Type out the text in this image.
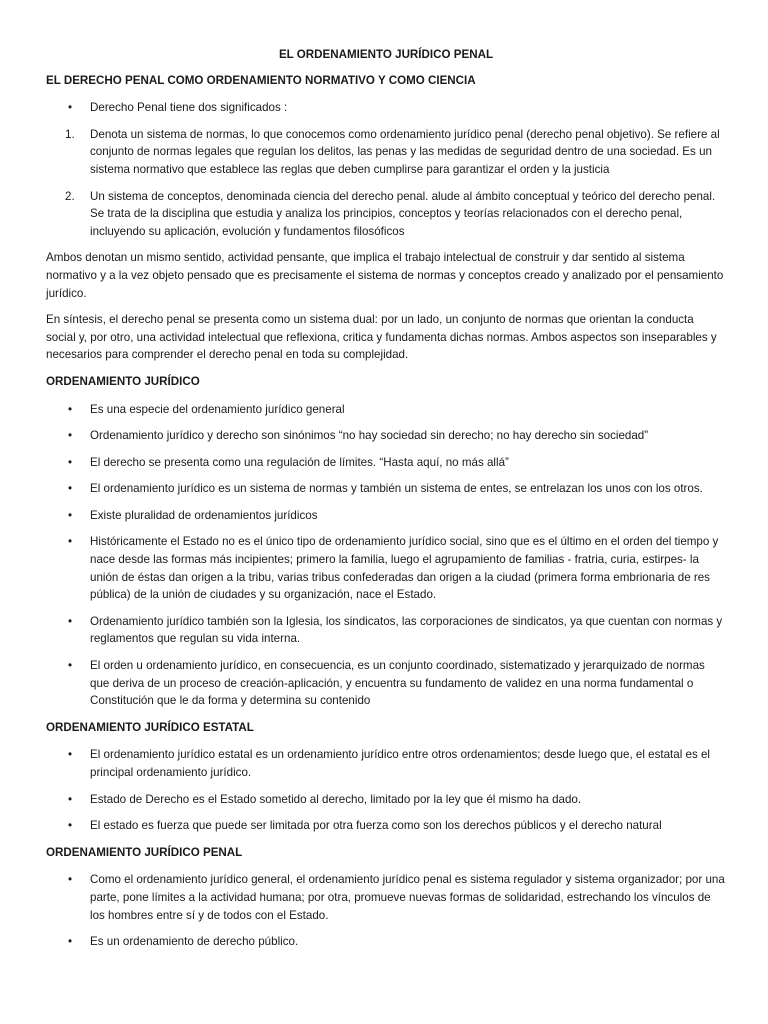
EL ORDENAMIENTO JURÍDICO PENAL
EL DERECHO PENAL COMO ORDENAMIENTO NORMATIVO Y COMO CIENCIA
•	Derecho Penal tiene dos significados :
1.	Denota un sistema de normas, lo que conocemos como ordenamiento jurídico penal (derecho penal objetivo). Se refiere al conjunto de normas legales que regulan los delitos, las penas y las medidas de seguridad dentro de una sociedad. Es un sistema normativo que establece las reglas que deben cumplirse para garantizar el orden y la justicia
2.	Un sistema de conceptos, denominada ciencia del derecho penal. alude al ámbito conceptual y teórico del derecho penal. Se trata de la disciplina que estudia y analiza los principios, conceptos y teorías relacionados con el derecho penal, incluyendo su aplicación, evolución y fundamentos filosóficos

Ambos denotan un mismo sentido, actividad pensante, que implica el trabajo intelectual de construir y dar sentido al sistema normativo y a la vez objeto pensado que es precisamente el sistema de normas y conceptos creado y analizado por el pensamiento jurídico.

En síntesis, el derecho penal se presenta como un sistema dual: por un lado, un conjunto de normas que orientan la conducta social y, por otro, una actividad intelectual que reflexiona, critica y fundamenta dichas normas. Ambos aspectos son inseparables y necesarios para comprender el derecho penal en toda su complejidad.

ORDENAMIENTO JURÍDICO
•	Es una especie del ordenamiento jurídico general
•	Ordenamiento jurídico y derecho son sinónimos “no hay sociedad sin derecho; no hay derecho sin sociedad”
•	El derecho se presenta como una regulación de límites. “Hasta aquí, no más allá”
•	El ordenamiento jurídico es un sistema de normas y también un sistema de entes, se entrelazan los unos con los otros.
•	Existe pluralidad de ordenamientos jurídicos
•	Históricamente el Estado no es el único tipo de ordenamiento jurídico social, sino que es el último en el orden del tiempo y nace desde las formas más incipientes; primero la familia, luego el agrupamiento de familias - fratria, curia, estirpes- la unión de éstas dan origen a la tribu, varias tribus confederadas dan origen a la ciudad (primera forma embrionaria de res pública) de la unión de ciudades y su organización, nace el Estado.
•	Ordenamiento jurídico también son la Iglesia, los sindicatos, las corporaciones de sindicatos, ya que cuentan con normas y reglamentos que regulan su vida interna.
•	El orden u ordenamiento jurídico, en consecuencia, es un conjunto coordinado, sistematizado y jerarquizado de normas que deriva de un proceso de creación-aplicación, y encuentra su fundamento de validez en una norma fundamental o Constitución que le da forma y determina su contenido
ORDENAMIENTO JURÍDICO ESTATAL
•	El ordenamiento jurídico estatal es un ordenamiento jurídico entre otros ordenamientos; desde luego que, el estatal es el principal ordenamiento jurídico.
•	Estado de Derecho es el Estado sometido al derecho, limitado por la ley que él mismo ha dado.
•	El estado es fuerza que puede ser limitada por otra fuerza como son los derechos públicos y el derecho natural
ORDENAMIENTO JURÍDICO PENAL
•	Como el ordenamiento jurídico general, el ordenamiento jurídico penal es sistema regulador y sistema organizador; por una parte, pone límites a la actividad humana; por otra, promueve nuevas formas de solidaridad, estrechando los vínculos de los hombres entre sí y de todos con el Estado.
•	Es un ordenamiento de derecho público.
